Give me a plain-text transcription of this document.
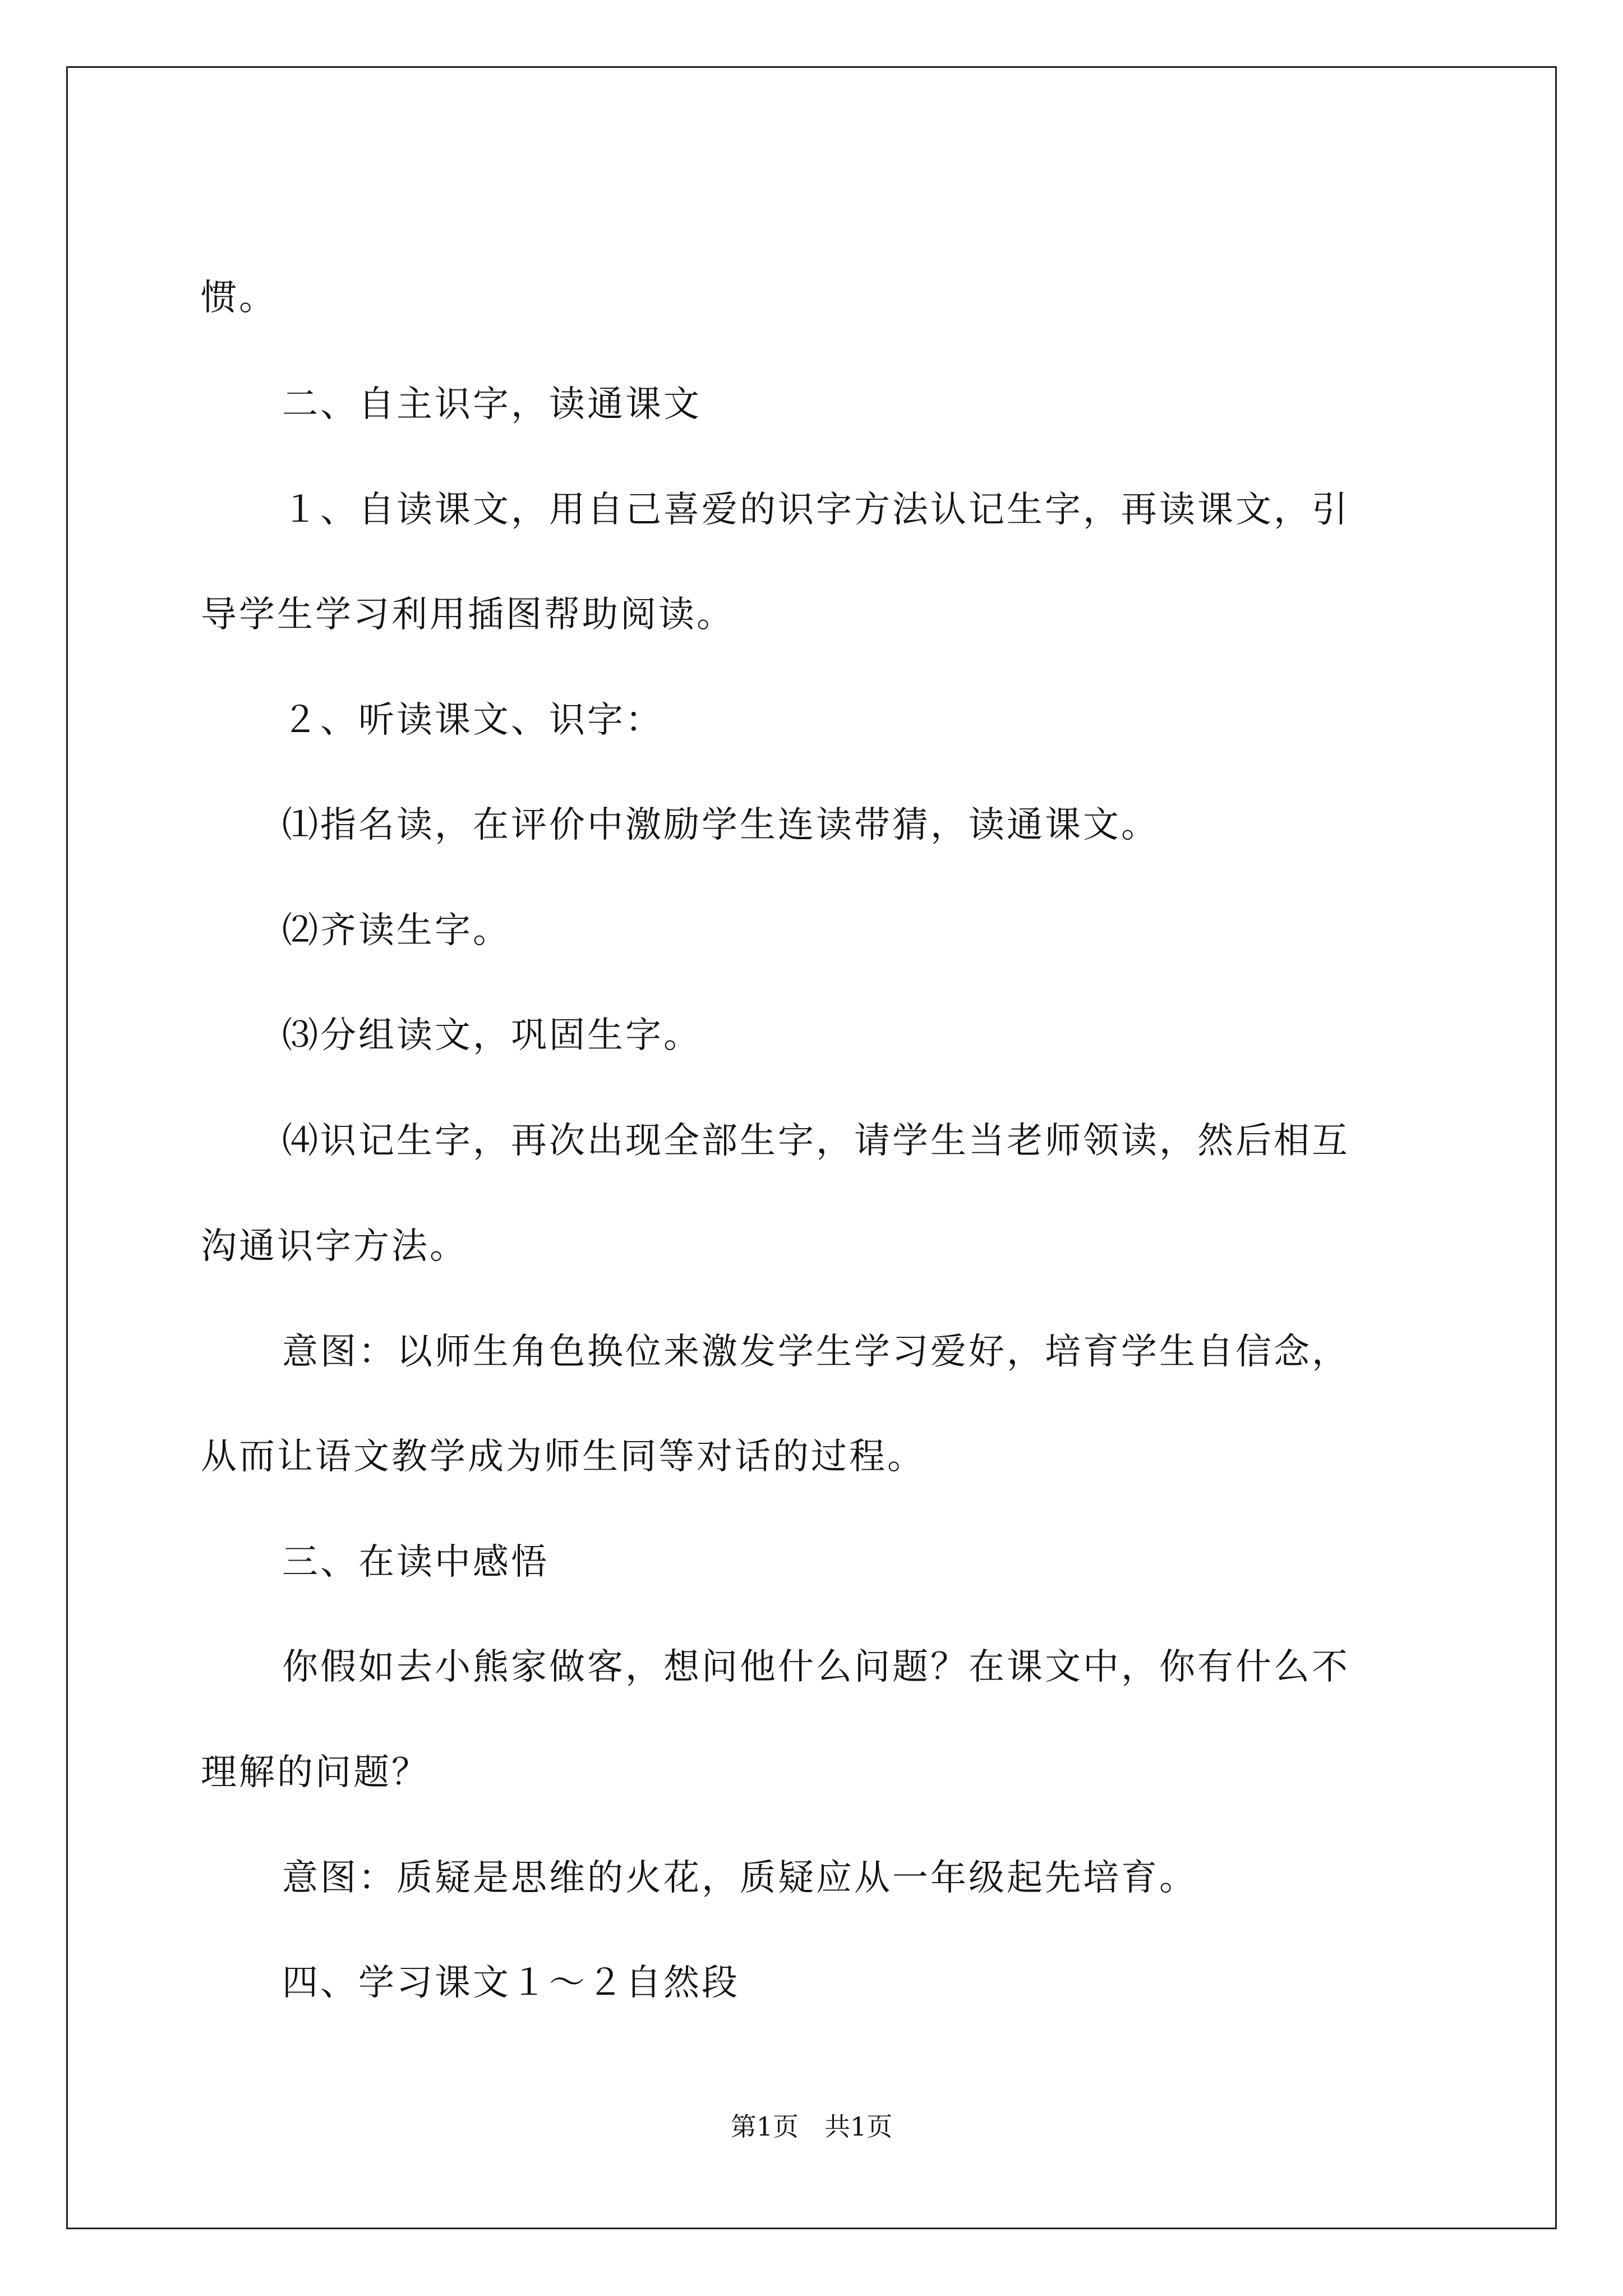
惯。
二、自主识字，读通课文
１、自读课文，用自己喜爱的识字方法认记生字，再读课文，引
导学生学习利用插图帮助阅读。
２、听读课文、识字：
⑴指名读，在评价中激励学生连读带猜，读通课文。
⑵齐读生字。
⑶分组读文，巩固生字。
⑷识记生字，再次出现全部生字，请学生当老师领读，然后相互
沟通识字方法。
意图：以师生角色换位来激发学生学习爱好，培育学生自信念，
从而让语文教学成为师生同等对话的过程。
三、在读中感悟
你假如去小熊家做客，想问他什么问题？在课文中，你有什么不
理解的问题？
意图：质疑是思维的火花，质疑应从一年级起先培育。
四、学习课文１～２自然段
第1页　共1页
